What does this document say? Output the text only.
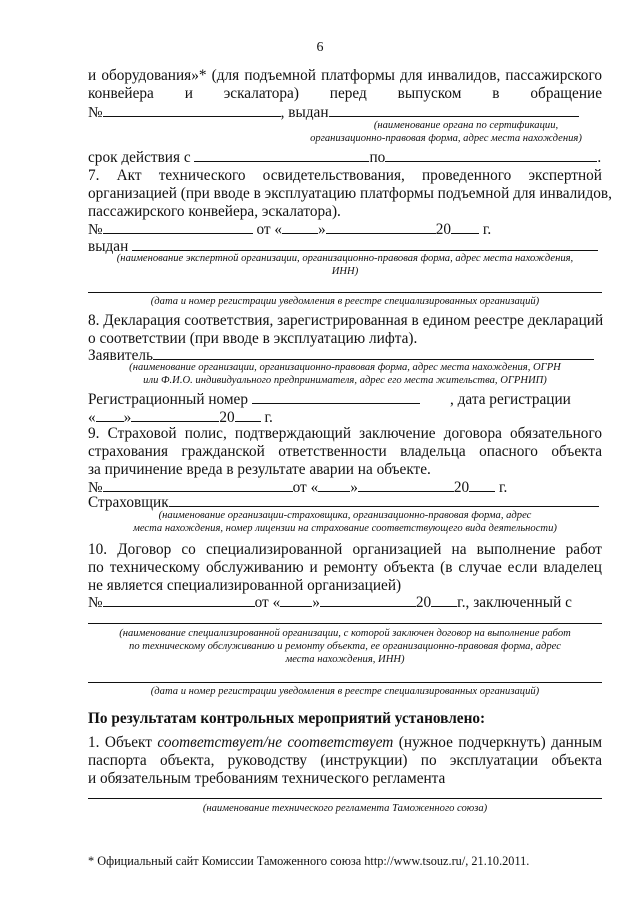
6
и оборудования»* (для подъемной платформы для инвалидов, пассажирского
конвейера и эскалатора) перед выпуском в обращение
№	, выдан
(наименование органа по сертификации,
организационно-правовая форма, адрес места нахождения)
срок действия с	по	.
7. Акт технического освидетельствования, проведенного экспертной
организацией (при вводе в эксплуатацию платформы подъемной для инвалидов,
пассажирского конвейера, эскалатора).
№	от « »	20 г.
выдан
(наименование экспертной организации, организационно-правовая форма, адрес места нахождения,
ИНН)
(дата и номер регистрации уведомления в реестре специализированных организаций)
8. Декларация соответствия, зарегистрированная в едином реестре деклараций
о соответствии (при вводе в эксплуатацию лифта).
Заявитель
(наименование организации, организационно-правовая форма, адрес места нахождения, ОГРН
или Ф.И.О. индивидуального предпринимателя, адрес его места жительства, ОГРНИП)
Регистрационный номер	, дата регистрации
« »	20 г.
9. Страховой полис, подтверждающий заключение договора обязательного
страхования гражданской ответственности владельца опасного объекта
за причинение вреда в результате аварии на объекте.
№	от « »	20 г.
Страховщик
(наименование организации-страховщика, организационно-правовая форма, адрес
места нахождения, номер лицензии на страхование соответствующего вида деятельности)
10. Договор со специализированной организацией на выполнение работ
по техническому обслуживанию и ремонту объекта (в случае если владелец
не является специализированной организацией)
№	от « »	20 г., заключенный с
(наименование специализированной организации, с которой заключен договор на выполнение работ
по техническому обслуживанию и ремонту объекта, ее организационно-правовая форма, адрес
места нахождения, ИНН)
(дата и номер регистрации уведомления в реестре специализированных организаций)
По результатам контрольных мероприятий установлено:
1. Объект соответствует/не соответствует (нужное подчеркнуть) данным
паспорта объекта, руководству (инструкции) по эксплуатации объекта
и обязательным требованиям технического регламента
(наименование технического регламента Таможенного союза)
* Официальный сайт Комиссии Таможенного союза http://www.tsouz.ru/, 21.10.2011.
